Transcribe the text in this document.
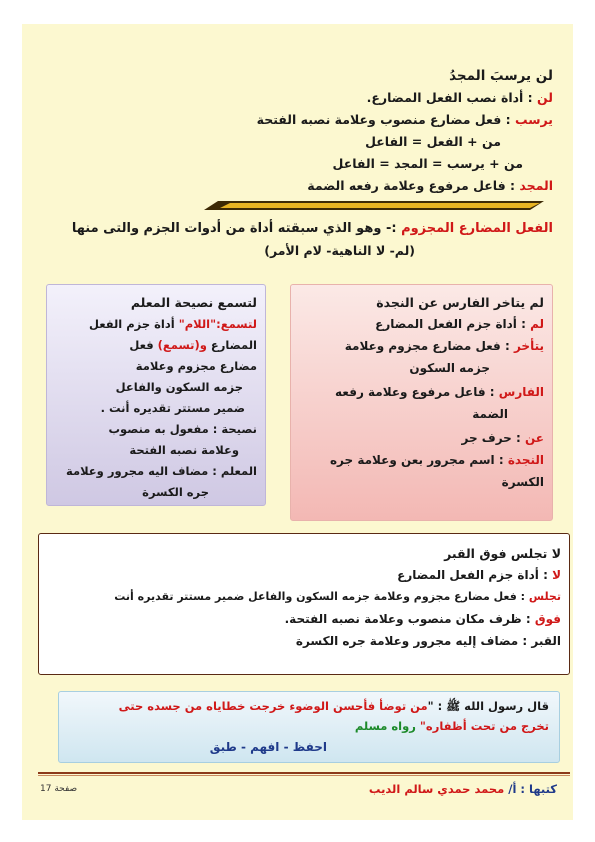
لن يرسبَ المجدُ
لن : أداة نصب الفعل المضارع.
يرسب : فعل مضارع منصوب وعلامة نصبه الفتحة
من + الفعل = الفاعل
من + يرسب = المجد = الفاعل
المجد : فاعل مرفوع وعلامة رفعه الضمة
الفعل المضارع المجزوم :- وهو الذي سبقته أداة من أدوات الجزم والتى منها
(لم- لا الناهية- لام الأمر)
لم يتاخر الفارس عن النجدة
لم : أداة جزم الفعل المضارع
يتأخر : فعل مضارع مجزوم وعلامة
جزمه السكون
الفارس : فاعل مرفوع وعلامة رفعه
الضمة
عن : حرف جر
النجدة : اسم مجرور بعن وعلامة جره
الكسرة
لتسمع نصيحة المعلم
لتسمع:"اللام" أداة جزم الفعل
المضارع و(تسمع) فعل
مضارع مجزوم وعلامة
جزمه السكون والفاعل
ضمير مستتر تقديره أنت .
نصيحة : مفعول به منصوب
وعلامة نصبه الفتحة
المعلم : مضاف اليه مجرور وعلامة
جره الكسرة
لا تجلس فوق القبر
لا : أداة جزم الفعل المضارع
تجلس : فعل مضارع مجزوم وعلامة جزمه السكون والفاعل ضمير مستتر تقديره أنت
فوق : ظرف مكان منصوب وعلامة نصبه الفتحة.
القبر : مضاف إليه مجرور وعلامة جره الكسرة
قال رسول الله ﷺ : "من توضأ فأحسن الوضوء خرجت خطاياه من جسده حتى
تخرج من تحت أظفاره" رواه مسلم
احفظ - افهم - طبق
كتبها : أ/ محمد حمدي سالم الديب
صفحة 17
